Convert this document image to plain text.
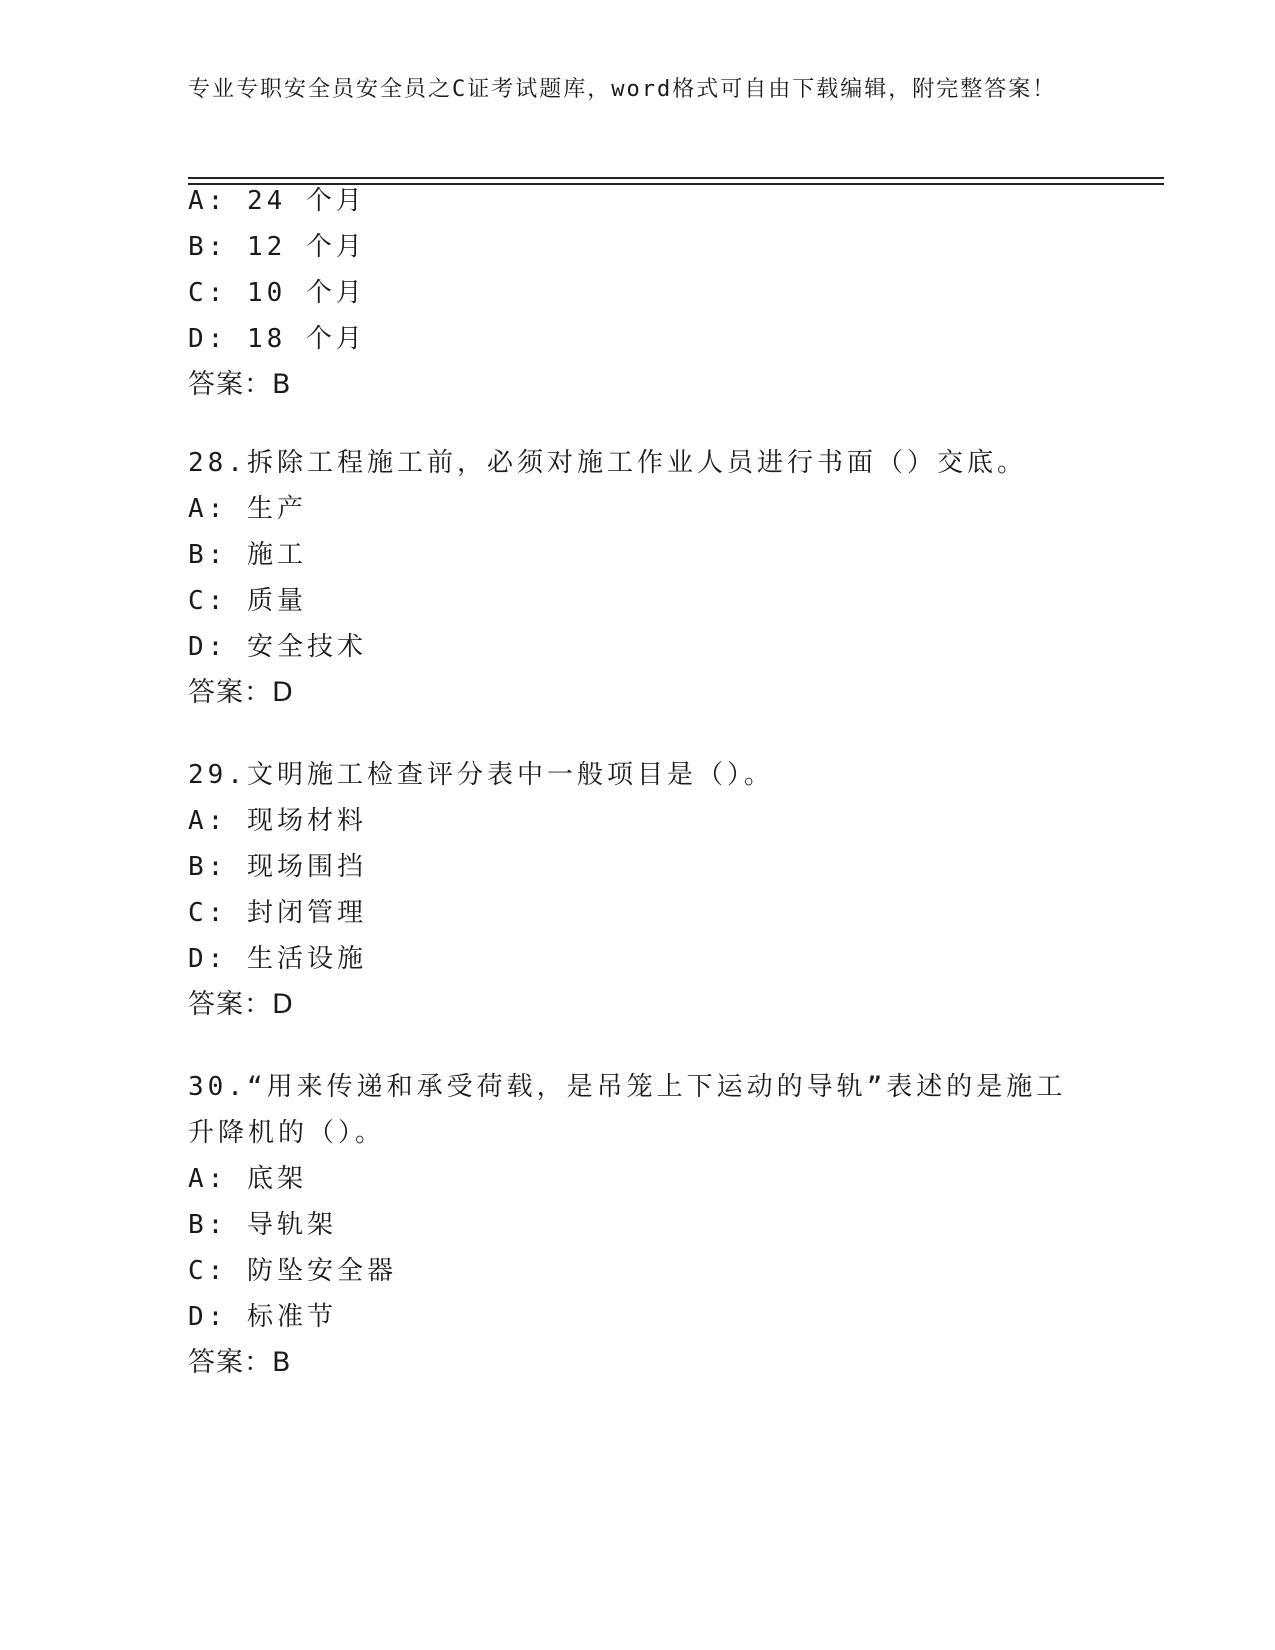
专业专职安全员安全员之C证考试题库，word格式可自由下载编辑，附完整答案！
A: 24 个月
B: 12 个月
C: 10 个月
D: 18 个月
答案：B
28.拆除工程施工前，必须对施工作业人员进行书面（）交底。
A: 生产
B: 施工
C: 质量
D: 安全技术
答案：D
29.文明施工检查评分表中一般项目是（）。
A: 现场材料
B: 现场围挡
C: 封闭管理
D: 生活设施
答案：D
30.“用来传递和承受荷载，是吊笼上下运动的导轨”表述的是施工升降机的（）。
A: 底架
B: 导轨架
C: 防坠安全器
D: 标准节
答案：B
